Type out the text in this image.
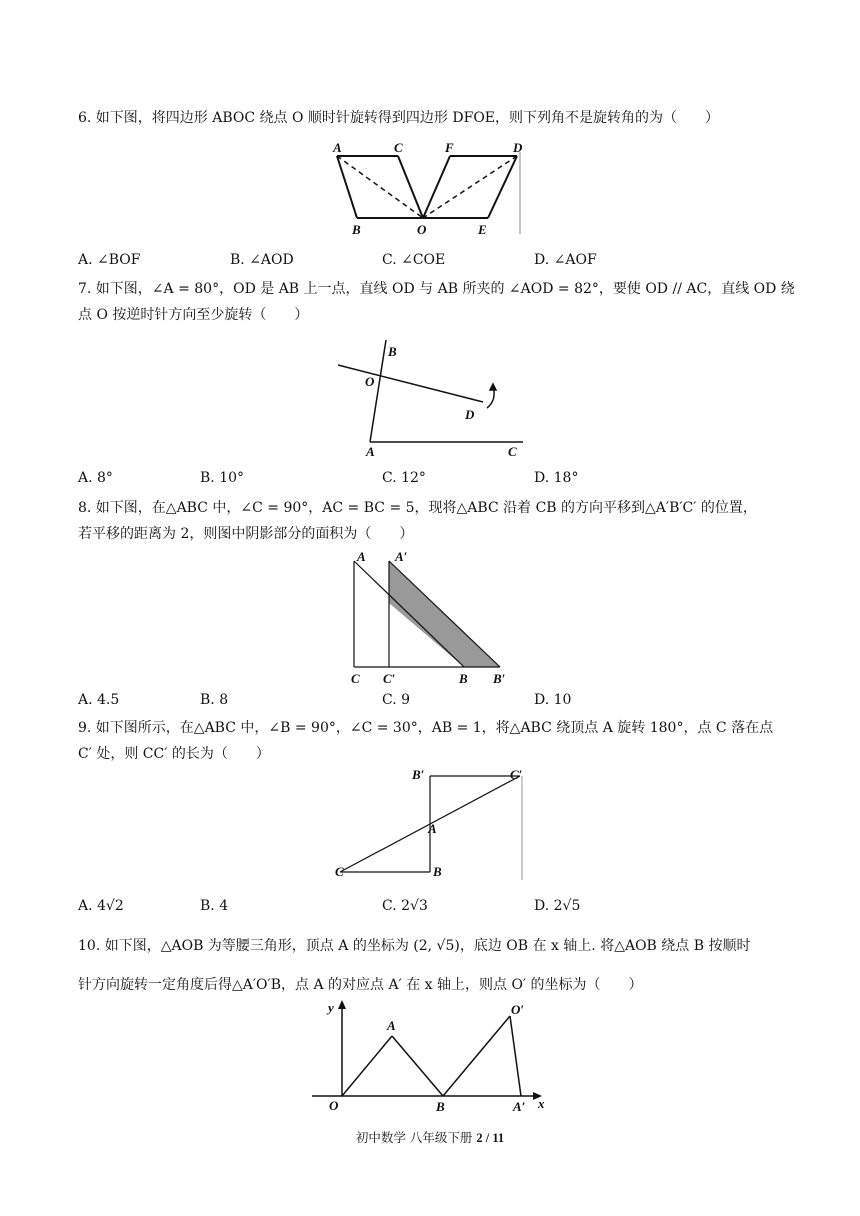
6. 如下图，将四边形 ABOC 绕点 O 顺时针旋转得到四边形 DFOE，则下列角不是旋转角的为（　　）
A	C	F	D
B	O	E
A. ∠BOF	B. ∠AOD	C. ∠COE	D. ∠AOF
7. 如下图，∠A = 80°，OD 是 AB 上一点，直线 OD 与 AB 所夹的 ∠AOD = 82°，要使 OD // AC，直线 OD 绕
点 O 按逆时针方向至少旋转（　　）
B
O
D
A	C
A. 8°	B. 10°	C. 12°	D. 18°
8. 如下图，在△ABC 中，∠C = 90°，AC = BC = 5，现将△ABC 沿着 CB 的方向平移到△A′B′C′ 的位置，
若平移的距离为 2，则图中阴影部分的面积为（　　）
A A′
C C′	B B′
A. 4.5	B. 8	C. 9	D. 10
9. 如下图所示，在△ABC 中，∠B = 90°，∠C = 30°，AB = 1，将△ABC 绕顶点 A 旋转 180°，点 C 落在点
C′ 处，则 CC′ 的长为（　　）
B′	C′
A
C	B
A. 4√2	B. 4	C. 2√3	D. 2√5
10. 如下图，△AOB 为等腰三角形，顶点 A 的坐标为 (2, √5)，底边 OB 在 x 轴上. 将△AOB 绕点 B 按顺时
针方向旋转一定角度后得△A′O′B，点 A 的对应点 A′ 在 x 轴上，则点 O′ 的坐标为（　　）
y
A
O′
O	B	A′ x
初中数学 八年级下册 2 / 11
